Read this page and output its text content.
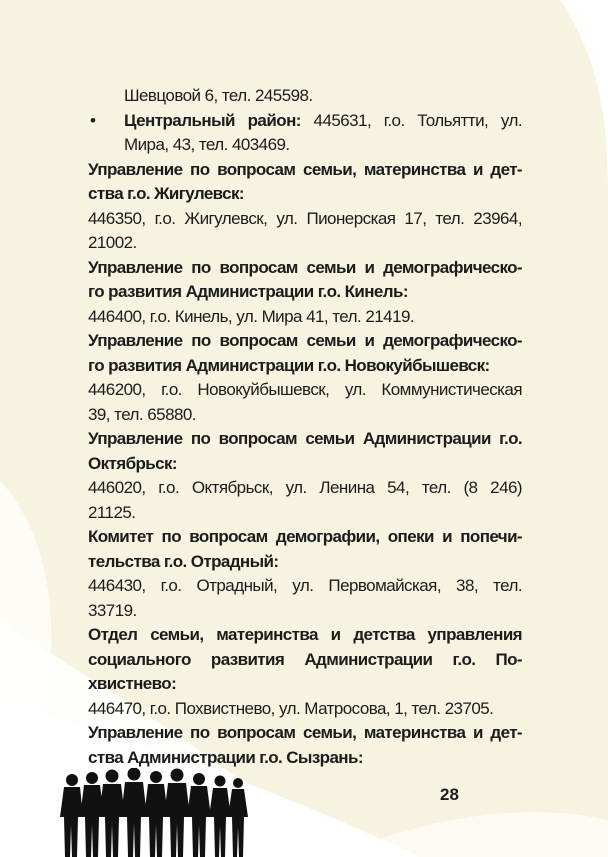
Шевцовой 6, тел. 245598.

• Центральный район: 445631, г.о. Тольятти, ул.
Мира, 43, тел. 403469.

Управление по вопросам семьи, материнства и дет-
ства г.о. Жигулевск:

446350, г.о. Жигулевск, ул. Пионерская 17, тел. 23964,
21002.

Управление по вопросам семьи и демографическо-
го развития Администрации г.о. Кинель:

446400, г.о. Кинель, ул. Мира 41, тел. 21419.

Управление по вопросам семьи и демографическо-
го развития Администрации г.о. Новокуйбышевск:

446200, г.о. Новокуйбышевск, ул. Коммунистическая
39, тел. 65880.

Управление по вопросам семьи Администрации г.о.
Октябрьск:

446020, г.о. Октябрьск, ул. Ленина 54, тел. (8 246)
21125.

Комитет по вопросам демографии, опеки и попечи-
тельства г.о. Отрадный:

446430, г.о. Отрадный, ул. Первомайская, 38, тел.
33719.

Отдел семьи, материнства и детства управления
социального развития Администрации г.о. По-
хвистнево:

446470, г.о. Похвистнево, ул. Матросова, 1, тел. 23705.

Управление по вопросам семьи, материнства и дет-
ства Администрации г.о. Сызрань:

28
